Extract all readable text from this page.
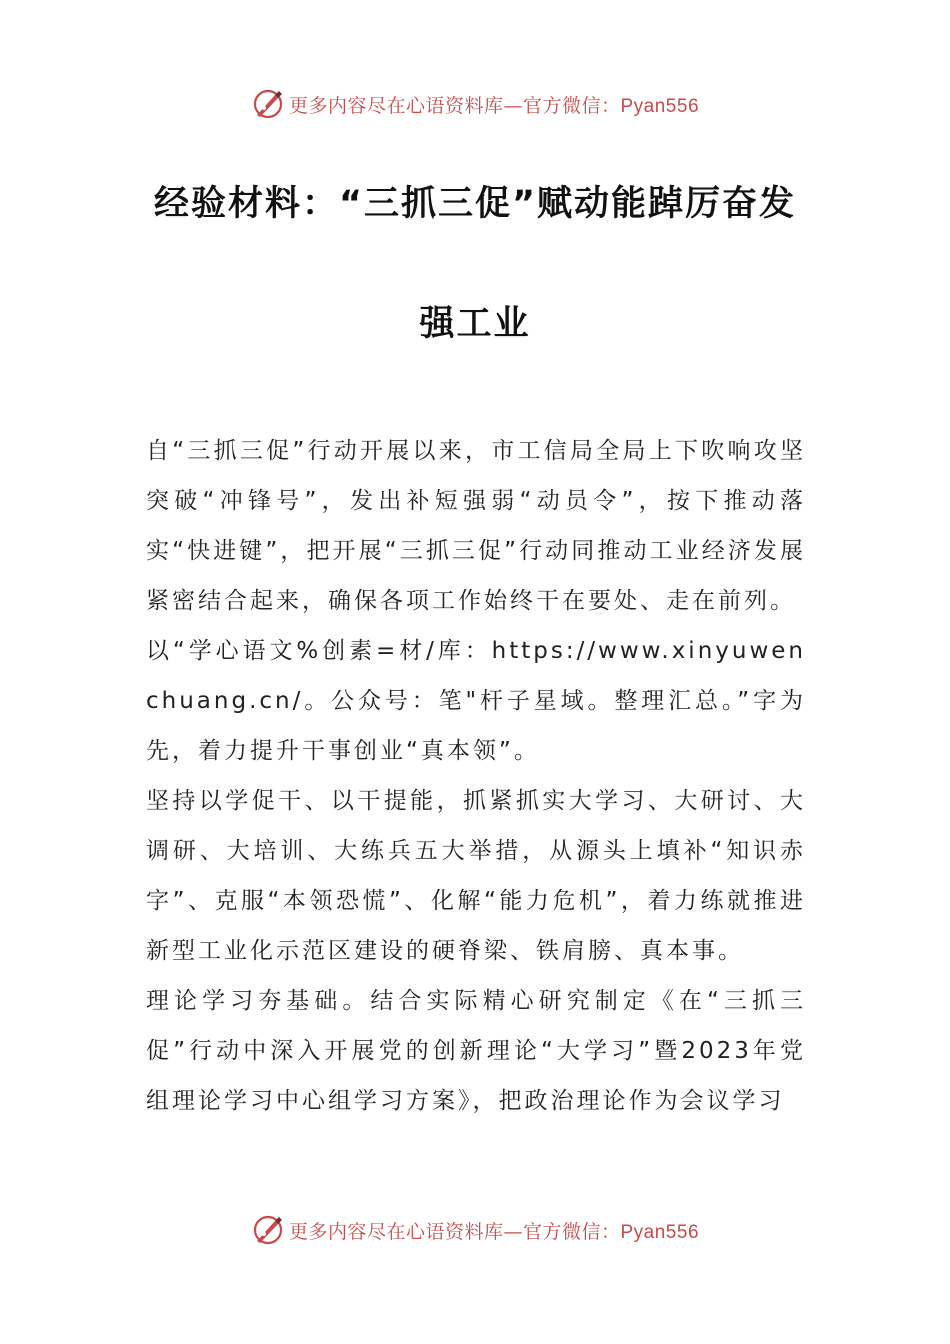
更多内容尽在心语资料库—官方微信：Pyan556
经验材料：“三抓三促”赋动能踔厉奋发
强工业

自“三抓三促”行动开展以来，市工信局全局上下吹响攻坚突破“冲锋号”，发出补短强弱“动员令”，按下推动落实“快进键”，把开展“三抓三促”行动同推动工业经济发展紧密结合起来，确保各项工作始终干在要处、走在前列。

以“学心语文%创素=材/库：https://www.xinyuwenchuang.cn/。公众号：笔"杆子星域。整理汇总。”字为先，着力提升干事创业“真本领”。

坚持以学促干、以干提能，抓紧抓实大学习、大研讨、大调研、大培训、大练兵五大举措，从源头上填补“知识赤字”、克服“本领恐慌”、化解“能力危机”，着力练就推进新型工业化示范区建设的硬脊梁、铁肩膀、真本事。

理论学习夯基础。结合实际精心研究制定《在“三抓三促”行动中深入开展党的创新理论“大学习”暨2023年党组理论学习中心组学习方案》，把政治理论作为会议学习

更多内容尽在心语资料库—官方微信：Pyan556
